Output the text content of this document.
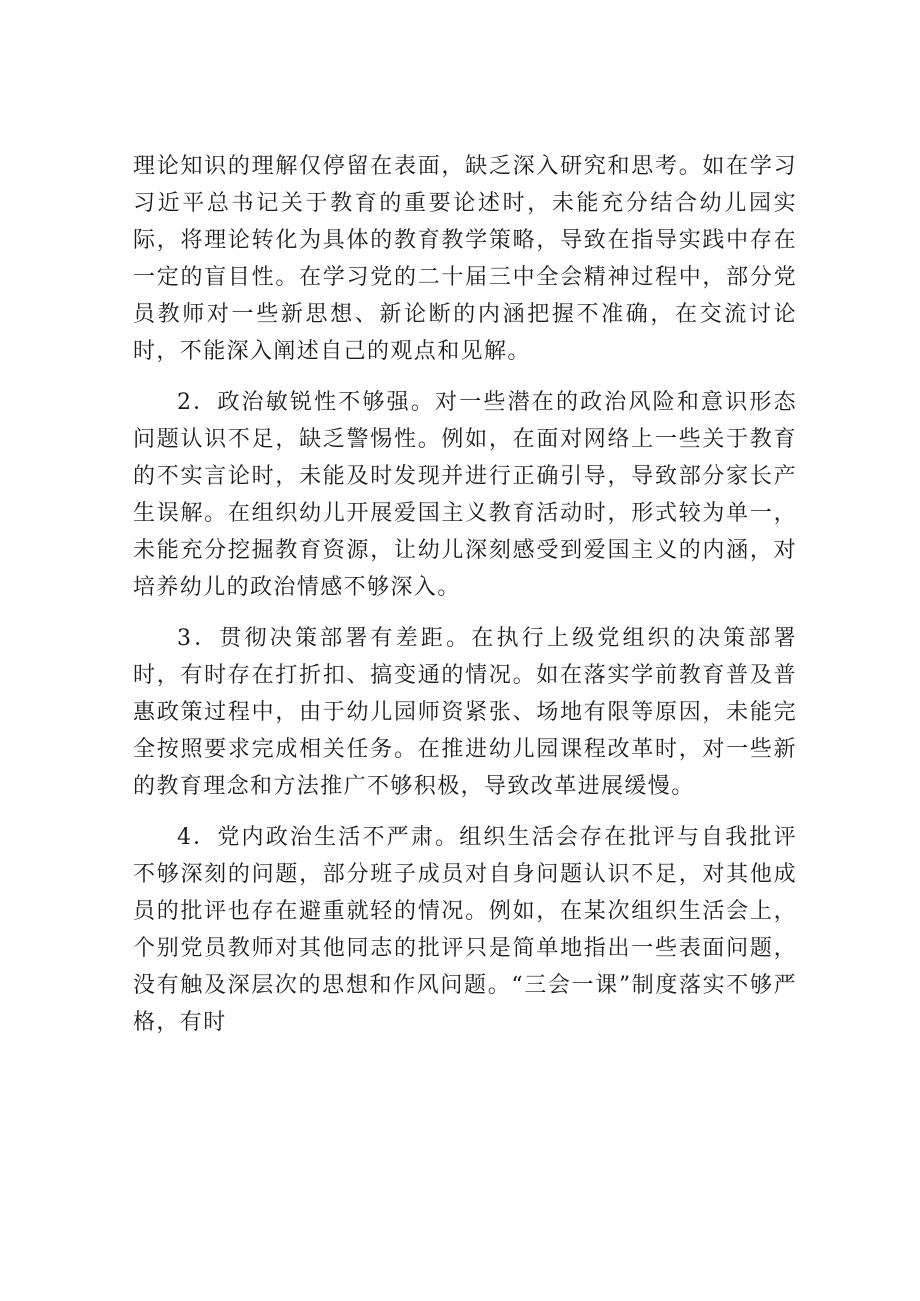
理论知识的理解仅停留在表面，缺乏深入研究和思考。如在学习习近平总书记关于教育的重要论述时，未能充分结合幼儿园实际，将理论转化为具体的教育教学策略，导致在指导实践中存在一定的盲目性。在学习党的二十届三中全会精神过程中，部分党员教师对一些新思想、新论断的内涵把握不准确，在交流讨论时，不能深入阐述自己的观点和见解。

2．政治敏锐性不够强。对一些潜在的政治风险和意识形态问题认识不足，缺乏警惕性。例如，在面对网络上一些关于教育的不实言论时，未能及时发现并进行正确引导，导致部分家长产生误解。在组织幼儿开展爱国主义教育活动时，形式较为单一，未能充分挖掘教育资源，让幼儿深刻感受到爱国主义的内涵，对培养幼儿的政治情感不够深入。

3．贯彻决策部署有差距。在执行上级党组织的决策部署时，有时存在打折扣、搞变通的情况。如在落实学前教育普及普惠政策过程中，由于幼儿园师资紧张、场地有限等原因，未能完全按照要求完成相关任务。在推进幼儿园课程改革时，对一些新的教育理念和方法推广不够积极，导致改革进展缓慢。

4．党内政治生活不严肃。组织生活会存在批评与自我批评不够深刻的问题，部分班子成员对自身问题认识不足，对其他成员的批评也存在避重就轻的情况。例如，在某次组织生活会上，个别党员教师对其他同志的批评只是简单地指出一些表面问题，没有触及深层次的思想和作风问题。“三会一课”制度落实不够严格，有时
